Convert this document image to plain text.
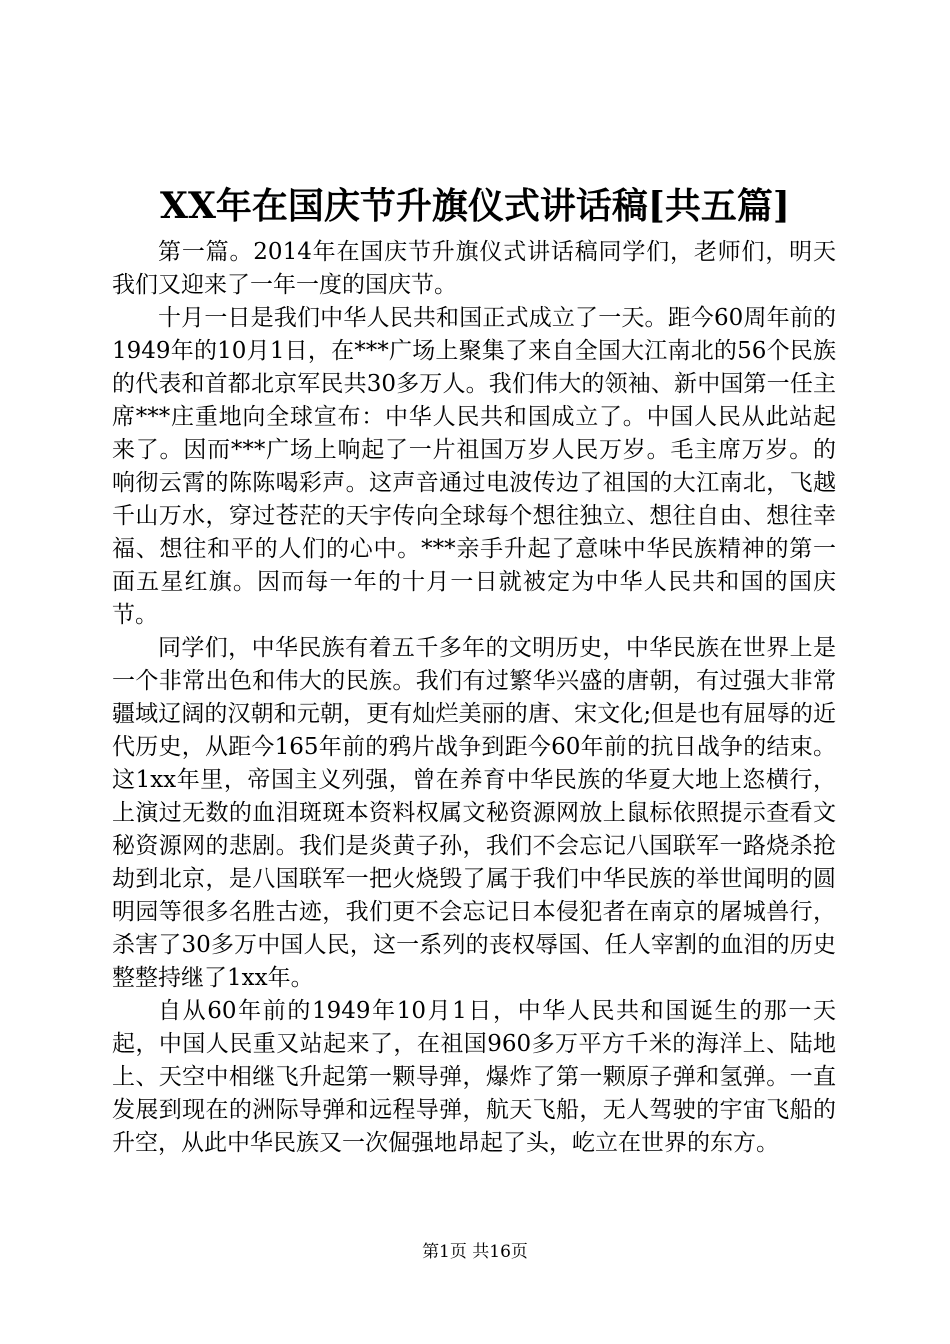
XX年在国庆节升旗仪式讲话稿[共五篇]

第一篇。2014年在国庆节升旗仪式讲话稿同学们，老师们，明天我们又迎来了一年一度的国庆节。

十月一日是我们中华人民共和国正式成立了一天。距今60周年前的1949年的10月1日，在***广场上聚集了来自全国大江南北的56个民族的代表和首都北京军民共30多万人。我们伟大的领袖、新中国第一任主席***庄重地向全球宣布：中华人民共和国成立了。中国人民从此站起来了。因而***广场上响起了一片祖国万岁人民万岁。毛主席万岁。的响彻云霄的陈陈喝彩声。这声音通过电波传边了祖国的大江南北，飞越千山万水，穿过苍茫的天宇传向全球每个想往独立、想往自由、想往幸福、想往和平的人们的心中。***亲手升起了意味中华民族精神的第一面五星红旗。因而每一年的十月一日就被定为中华人民共和国的国庆节。

同学们，中华民族有着五千多年的文明历史，中华民族在世界上是一个非常出色和伟大的民族。我们有过繁华兴盛的唐朝，有过强大非常疆域辽阔的汉朝和元朝，更有灿烂美丽的唐、宋文化;但是也有屈辱的近代历史，从距今165年前的鸦片战争到距今60年前的抗日战争的结束。这1xx年里，帝国主义列强，曾在养育中华民族的华夏大地上恣横行，上演过无数的血泪斑斑本资料权属文秘资源网放上鼠标依照提示查看文秘资源网的悲剧。我们是炎黄子孙，我们不会忘记八国联军一路烧杀抢劫到北京，是八国联军一把火烧毁了属于我们中华民族的举世闻明的圆明园等很多名胜古迹，我们更不会忘记日本侵犯者在南京的屠城兽行，杀害了30多万中国人民，这一系列的丧权辱国、任人宰割的血泪的历史整整持继了1xx年。

自从60年前的1949年10月1日，中华人民共和国诞生的那一天起，中国人民重又站起来了，在祖国960多万平方千米的海洋上、陆地上、天空中相继飞升起第一颗导弹，爆炸了第一颗原子弹和氢弹。一直发展到现在的洲际导弹和远程导弹，航天飞船，无人驾驶的宇宙飞船的升空，从此中华民族又一次倔强地昂起了头，屹立在世界的东方。

第1页 共16页
